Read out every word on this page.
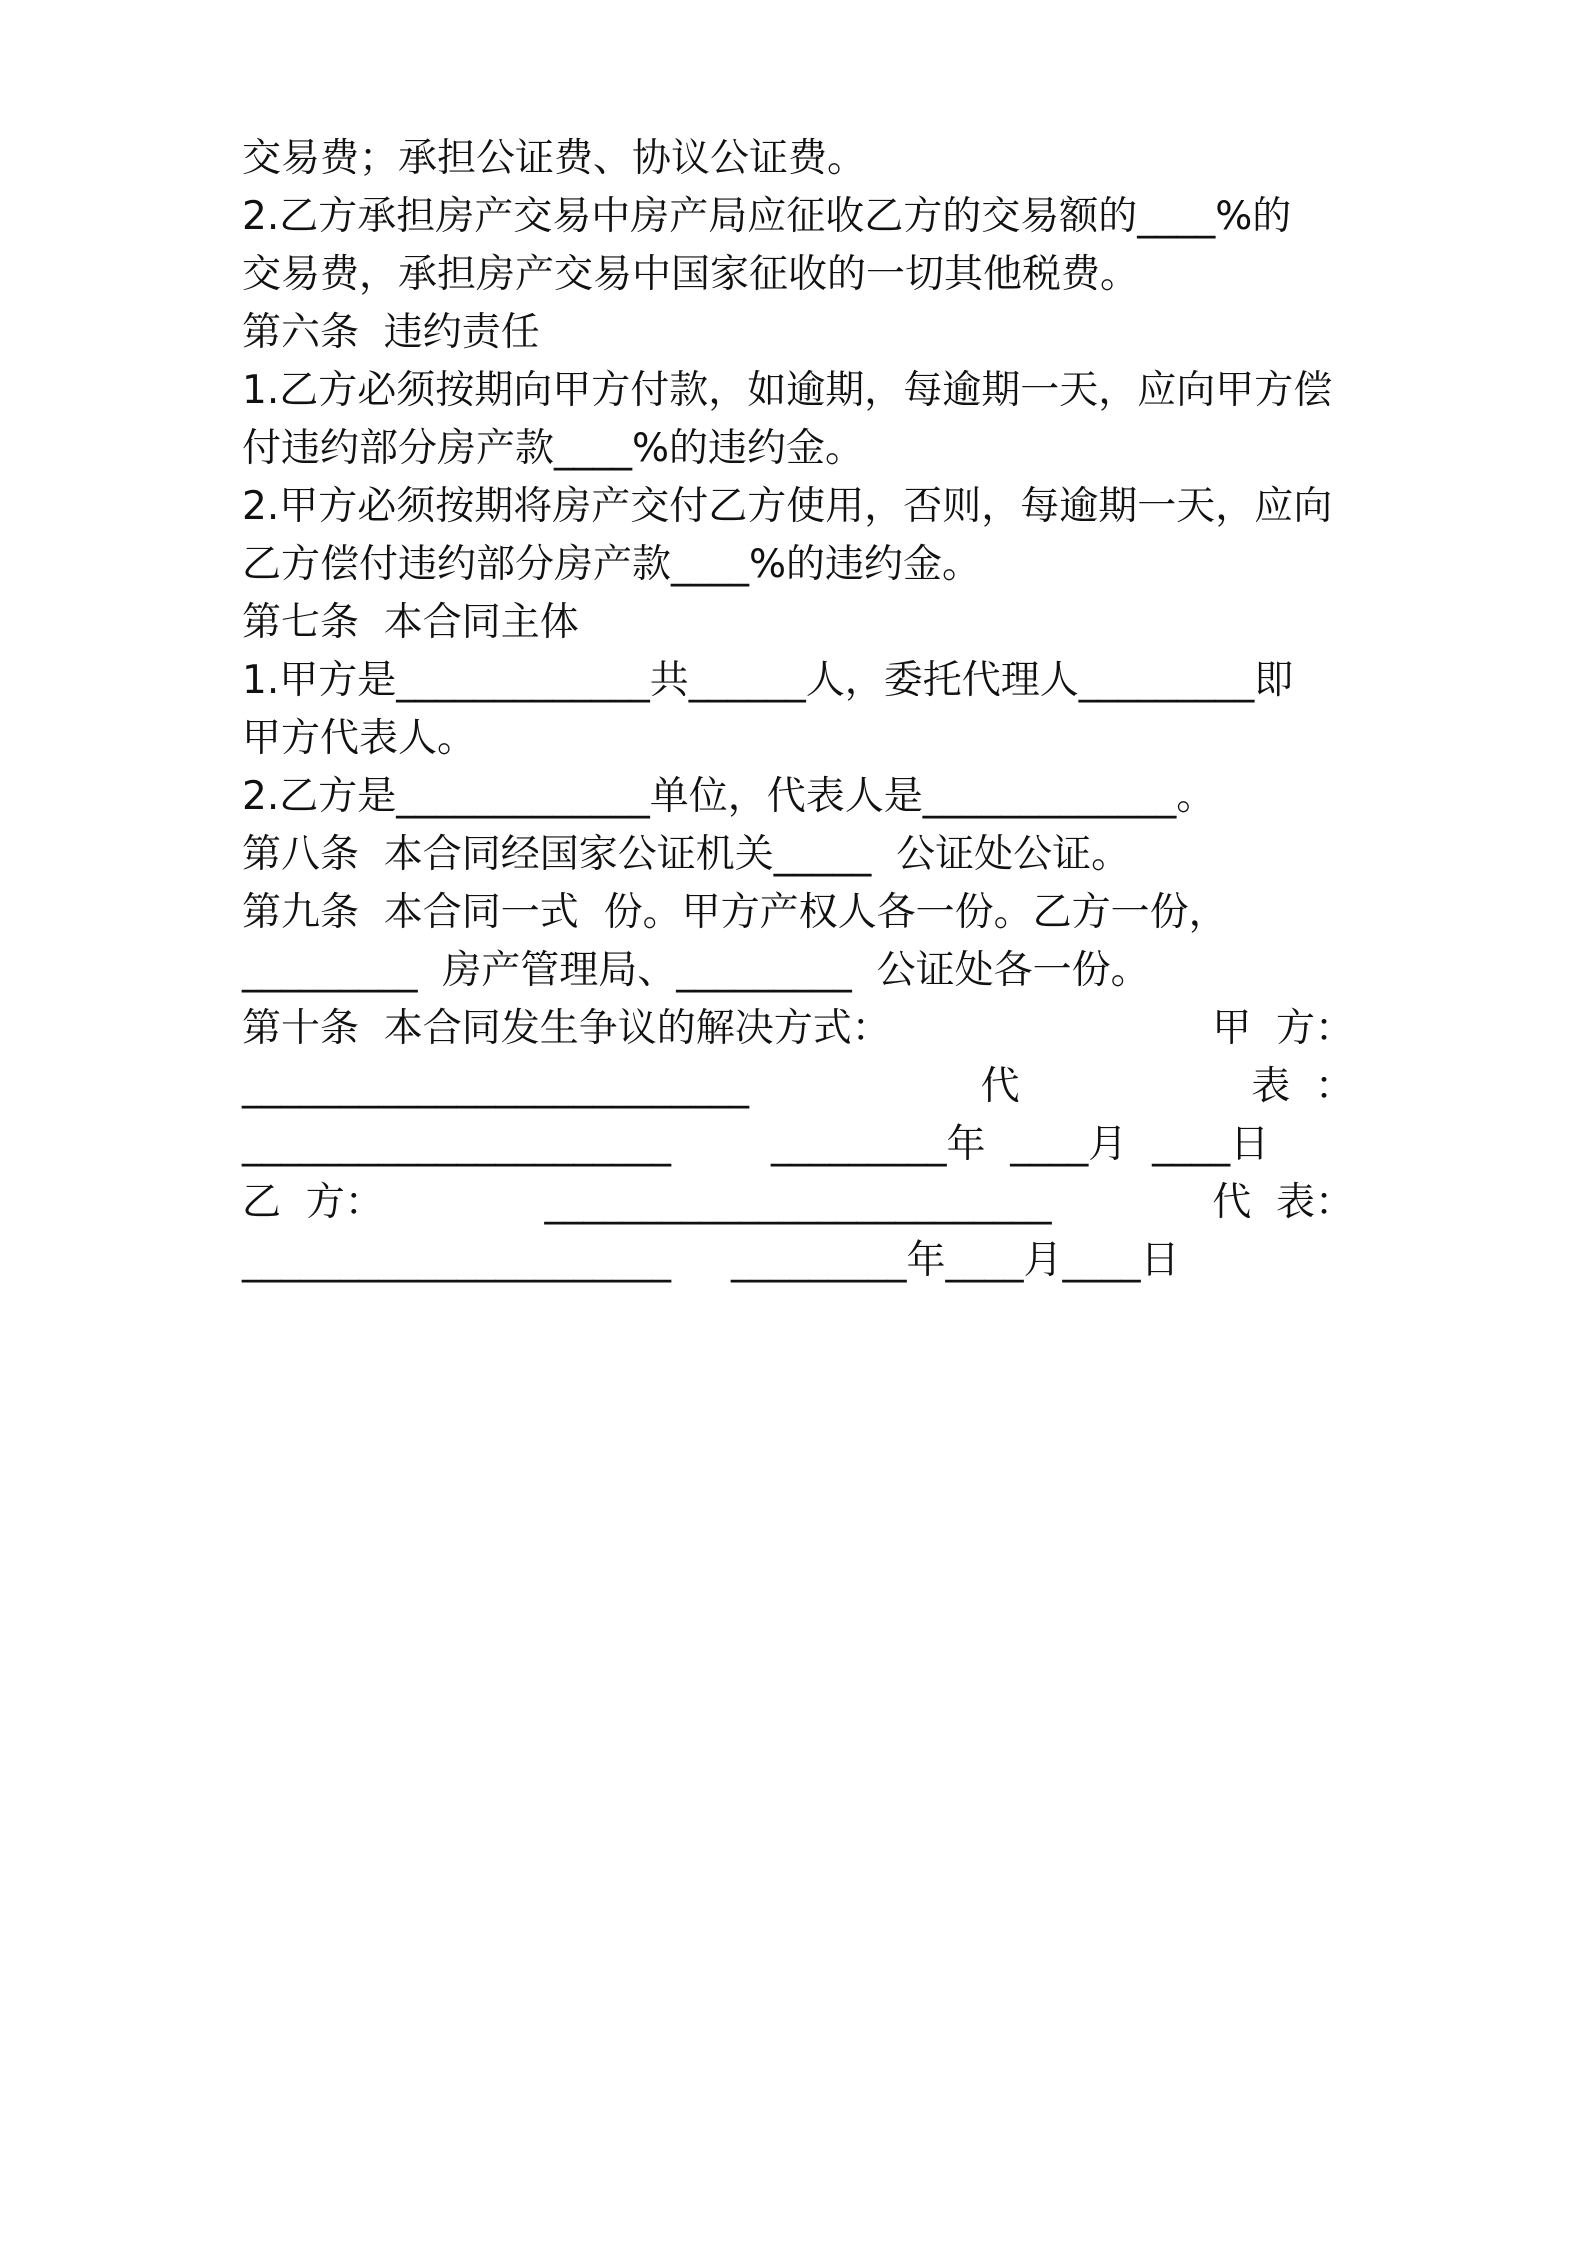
交易费；承担公证费、协议公证费。

2.乙方承担房产交易中房产局应征收乙方的交易额的____%的

交易费，承担房产交易中国家征收的一切其他税费。

第六条  违约责任

1.乙方必须按期向甲方付款，如逾期，每逾期一天，应向甲方偿

付违约部分房产款____%的违约金。

2.甲方必须按期将房产交付乙方使用，否则，每逾期一天，应向

乙方偿付违约部分房产款____%的违约金。

第七条  本合同主体

1.甲方是_____________共______人，委托代理人_________即

甲方代表人。

2.乙方是_____________单位，代表人是_____________。

第八条  本合同经国家公证机关_____  公证处公证。

第九条  本合同一式  份。甲方产权人各一份。乙方一份，

_________  房产管理局、_________  公证处各一份。

第十条  本合同发生争议的解决方式：	甲  方：
__________________________	代	表  ：
______________________	_________年  ____月  ____日
乙  方：	__________________________	代  表：
______________________ _________年____月____日
